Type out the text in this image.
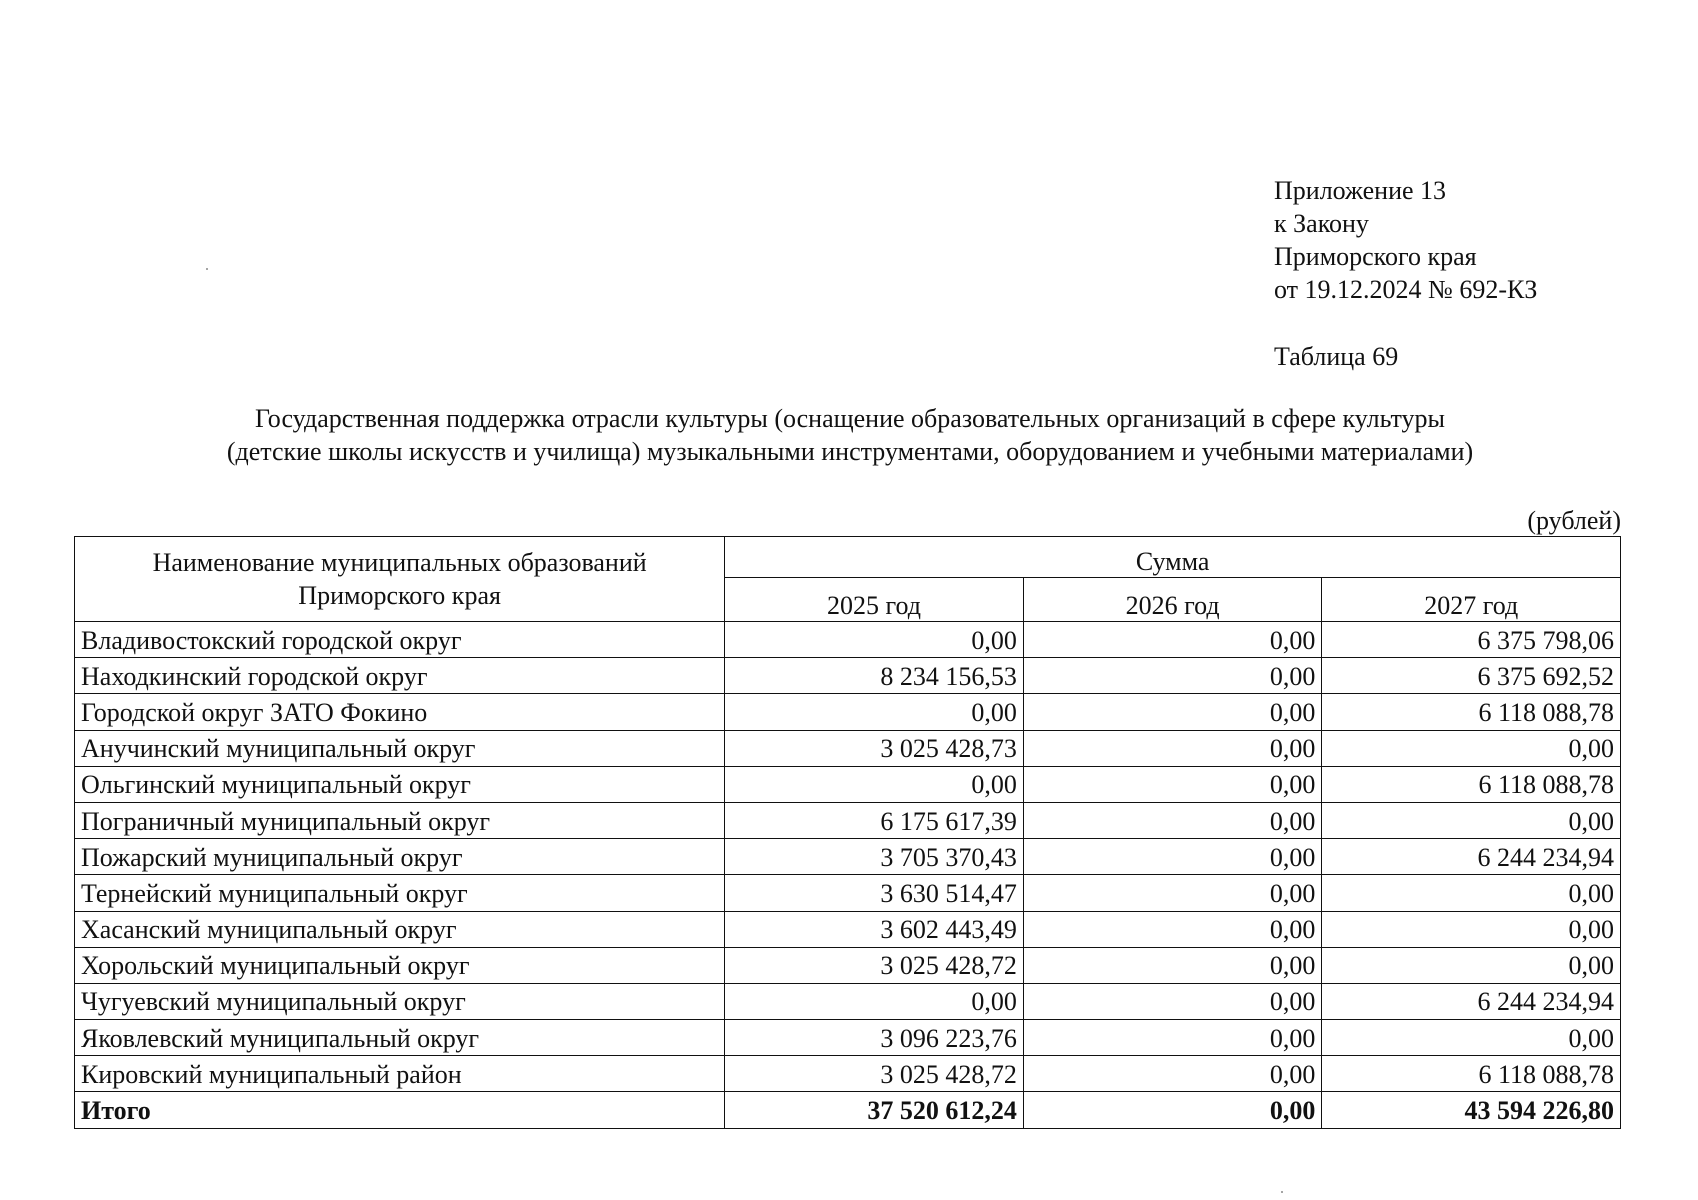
Приложение 13
к Закону
Приморского края
от 19.12.2024 № 692-КЗ
Таблица 69
Государственная поддержка отрасли культуры (оснащение образовательных организаций в сфере культуры
(детские школы искусств и училища) музыкальными инструментами, оборудованием и учебными материалами)
(рублей)
Наименование муниципальных образований
Приморского края	Сумма		
	2025 год	2026 год	2027 год
Владивостокский городской округ	0,00	0,00	6 375 798,06
Находкинский городской округ	8 234 156,53	0,00	6 375 692,52
Городской округ ЗАТО Фокино	0,00	0,00	6 118 088,78
Анучинский муниципальный округ	3 025 428,73	0,00	0,00
Ольгинский муниципальный округ	0,00	0,00	6 118 088,78
Пограничный муниципальный округ	6 175 617,39	0,00	0,00
Пожарский муниципальный округ	3 705 370,43	0,00	6 244 234,94
Тернейский муниципальный округ	3 630 514,47	0,00	0,00
Хасанский муниципальный округ	3 602 443,49	0,00	0,00
Хорольский муниципальный округ	3 025 428,72	0,00	0,00
Чугуевский муниципальный округ	0,00	0,00	6 244 234,94
Яковлевский муниципальный округ	3 096 223,76	0,00	0,00
Кировский муниципальный район	3 025 428,72	0,00	6 118 088,78
Итого	37 520 612,24	0,00	43 594 226,80
